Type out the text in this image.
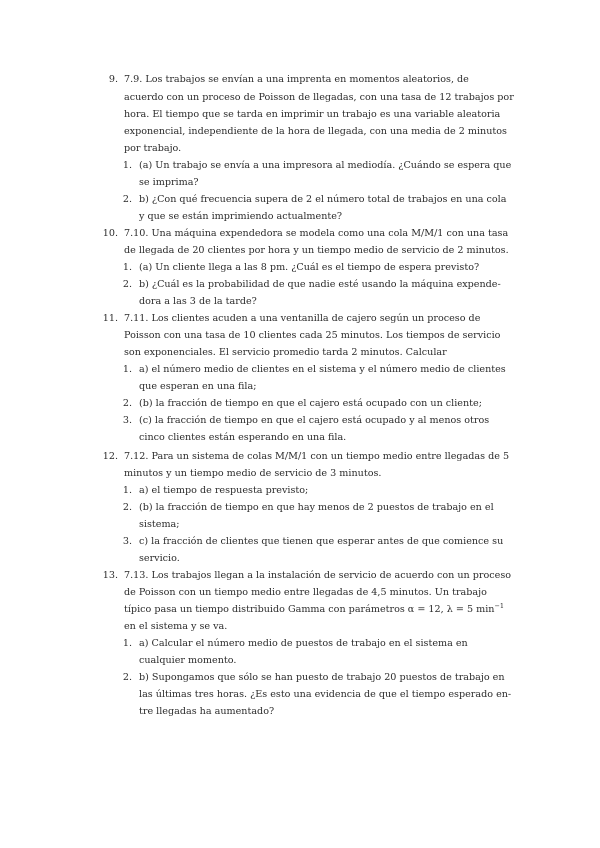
9. 7.9. Los trabajos se envían a una imprenta en momentos aleatorios, de
acuerdo con un proceso de Poisson de llegadas, con una tasa de 12 trabajos por
hora. El tiempo que se tarda en imprimir un trabajo es una variable aleatoria
exponencial, independiente de la hora de llegada, con una media de 2 minutos
por trabajo.
1. (a) Un trabajo se envía a una impresora al mediodía. ¿Cuándo se espera que
se imprima?
2. b) ¿Con qué frecuencia supera de 2 el número total de trabajos en una cola
y que se están imprimiendo actualmente?
10. 7.10. Una máquina expendedora se modela como una cola M/M/1 con una tasa
de llegada de 20 clientes por hora y un tiempo medio de servicio de 2 minutos.
1. (a) Un cliente llega a las 8 pm. ¿Cuál es el tiempo de espera previsto?
2. b) ¿Cuál es la probabilidad de que nadie esté usando la máquina expende-
dora a las 3 de la tarde?
11. 7.11. Los clientes acuden a una ventanilla de cajero según un proceso de
Poisson con una tasa de 10 clientes cada 25 minutos. Los tiempos de servicio
son exponenciales. El servicio promedio tarda 2 minutos. Calcular
1. a) el número medio de clientes en el sistema y el número medio de clientes
que esperan en una fila;
2. (b) la fracción de tiempo en que el cajero está ocupado con un cliente;
3. (c) la fracción de tiempo en que el cajero está ocupado y al menos otros
cinco clientes están esperando en una fila.
12. 7.12. Para un sistema de colas M/M/1 con un tiempo medio entre llegadas de 5
minutos y un tiempo medio de servicio de 3 minutos.
1. a) el tiempo de respuesta previsto;
2. (b) la fracción de tiempo en que hay menos de 2 puestos de trabajo en el
sistema;
3. c) la fracción de clientes que tienen que esperar antes de que comience su
servicio.
13. 7.13. Los trabajos llegan a la instalación de servicio de acuerdo con un proceso
de Poisson con un tiempo medio entre llegadas de 4,5 minutos. Un trabajo
típico pasa un tiempo distribuido Gamma con parámetros α = 12, λ = 5 $\min^{-1}$
en el sistema y se va.
1. a) Calcular el número medio de puestos de trabajo en el sistema en
cualquier momento.
2. b) Supongamos que sólo se han puesto de trabajo 20 puestos de trabajo en
las últimas tres horas. ¿Es esto una evidencia de que el tiempo esperado en-
tre llegadas ha aumentado?
